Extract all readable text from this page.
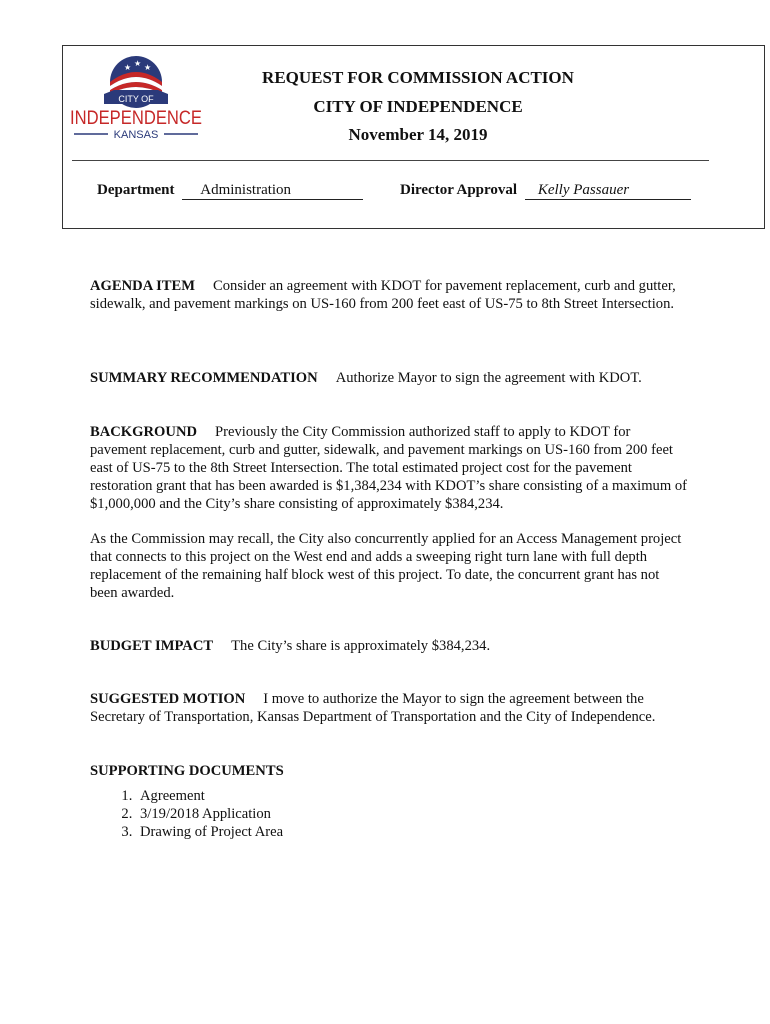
★ ★ ★
CITY OF
INDEPENDENCE
KANSAS
REQUEST FOR COMMISSION ACTION
CITY OF INDEPENDENCE
November 14, 2019
Department Administration	Director Approval Kelly Passauer
AGENDA ITEM Consider an agreement with KDOT for pavement replacement, curb and gutter, sidewalk, and pavement markings on US-160 from 200 feet east of US-75 to 8th Street Intersection.
SUMMARY RECOMMENDATION Authorize Mayor to sign the agreement with KDOT.
BACKGROUND Previously the City Commission authorized staff to apply to KDOT for pavement replacement, curb and gutter, sidewalk, and pavement markings on US-160 from 200 feet east of US-75 to the 8th Street Intersection. The total estimated project cost for the pavement restoration grant that has been awarded is $1,384,234 with KDOT’s share consisting of a maximum of $1,000,000 and the City’s share consisting of approximately $384,234.
As the Commission may recall, the City also concurrently applied for an Access Management project that connects to this project on the West end and adds a sweeping right turn lane with full depth replacement of the remaining half block west of this project. To date, the concurrent grant has not been awarded.
BUDGET IMPACT The City’s share is approximately $384,234.
SUGGESTED MOTION I move to authorize the Mayor to sign the agreement between the Secretary of Transportation, Kansas Department of Transportation and the City of Independence.
SUPPORTING DOCUMENTS
1. Agreement
2. 3/19/2018 Application
3. Drawing of Project Area
